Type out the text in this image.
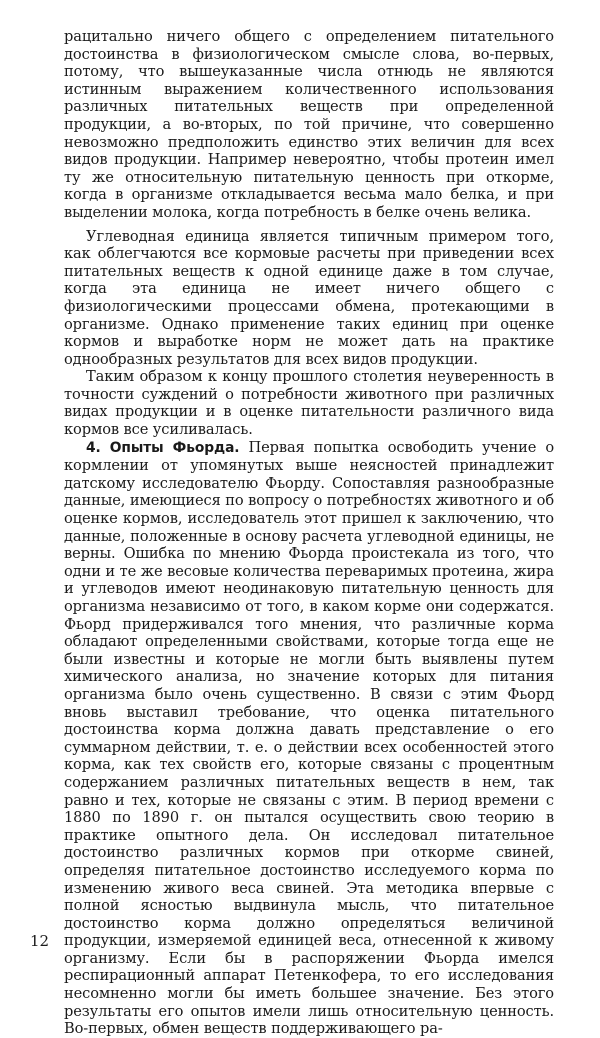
рацитально ничего общего с определением питательного достоинства в физиологическом смысле слова, во-первых, потому, что вышеуказанные числа отнюдь не являются истинным выражением количественного использования различных питательных веществ при определенной продукции, а во-вторых, по той причине, что совершенно невозможно предположить единство этих величин для всех видов продукции. Например невероятно, чтобы протеин имел ту же относительную питательную ценность при откорме, когда в организме откладывается весьма мало белка, и при выделении молока, когда потребность в белке очень велика.

Углеводная единица является типичным примером того, как облегчаются все кормовые расчеты при приведении всех питательных веществ к одной единице даже в том случае, когда эта единица не имеет ничего общего с физиологическими процессами обмена, протекающими в организме. Однако применение таких единиц при оценке кормов и выработке норм не может дать на практике однообразных результатов для всех видов продукции.

Таким образом к концу прошлого столетия неуверенность в точности суждений о потребности животного при различных видах продукции и в оценке питательности различного вида кормов все усиливалась.

4. Опыты Фьорда. Первая попытка освободить учение о кормлении от упомянутых выше неясностей принадлежит датскому исследователю Фьорду. Сопоставляя разнообразные данные, имеющиеся по вопросу о потребностях животного и об оценке кормов, исследователь этот пришел к заключению, что данные, положенные в основу расчета углеводной единицы, не верны. Ошибка по мнению Фьорда проистекала из того, что одни и те же весовые количества переваримых протеина, жира и углеводов имеют неодинаковую питательную ценность для организма независимо от того, в каком корме они содержатся. Фьорд придерживался того мнения, что различные корма обладают определенными свойствами, которые тогда еще не были известны и которые не могли быть выявлены путем химического анализа, но значение которых для питания организма было очень существенно. В связи с этим Фьорд вновь выставил требование, что оценка питательного достоинства корма должна давать представление о его суммарном действии, т. е. о действии всех особенностей этого корма, как тех свойств его, которые связаны с процентным содержанием различных питательных веществ в нем, так равно и тех, которые не связаны с этим. В период времени с 1880 по 1890 г. он пытался осуществить свою теорию в практике опытного дела. Он исследовал питательное достоинство различных кормов при откорме свиней, определяя питательное достоинство исследуемого корма по изменению живого веса свиней. Эта методика впервые с полной ясностью выдвинула мысль, что питательное достоинство корма должно определяться величиной продукции, измеряемой единицей веса, отнесенной к живому организму. Если бы в распоряжении Фьорда имелся респирационный аппарат Петенкофера, то его исследования несомненно могли бы иметь большее значение. Без этого результаты его опытов имели лишь относительную ценность. Во-первых, обмен веществ поддерживающего ра-

12
